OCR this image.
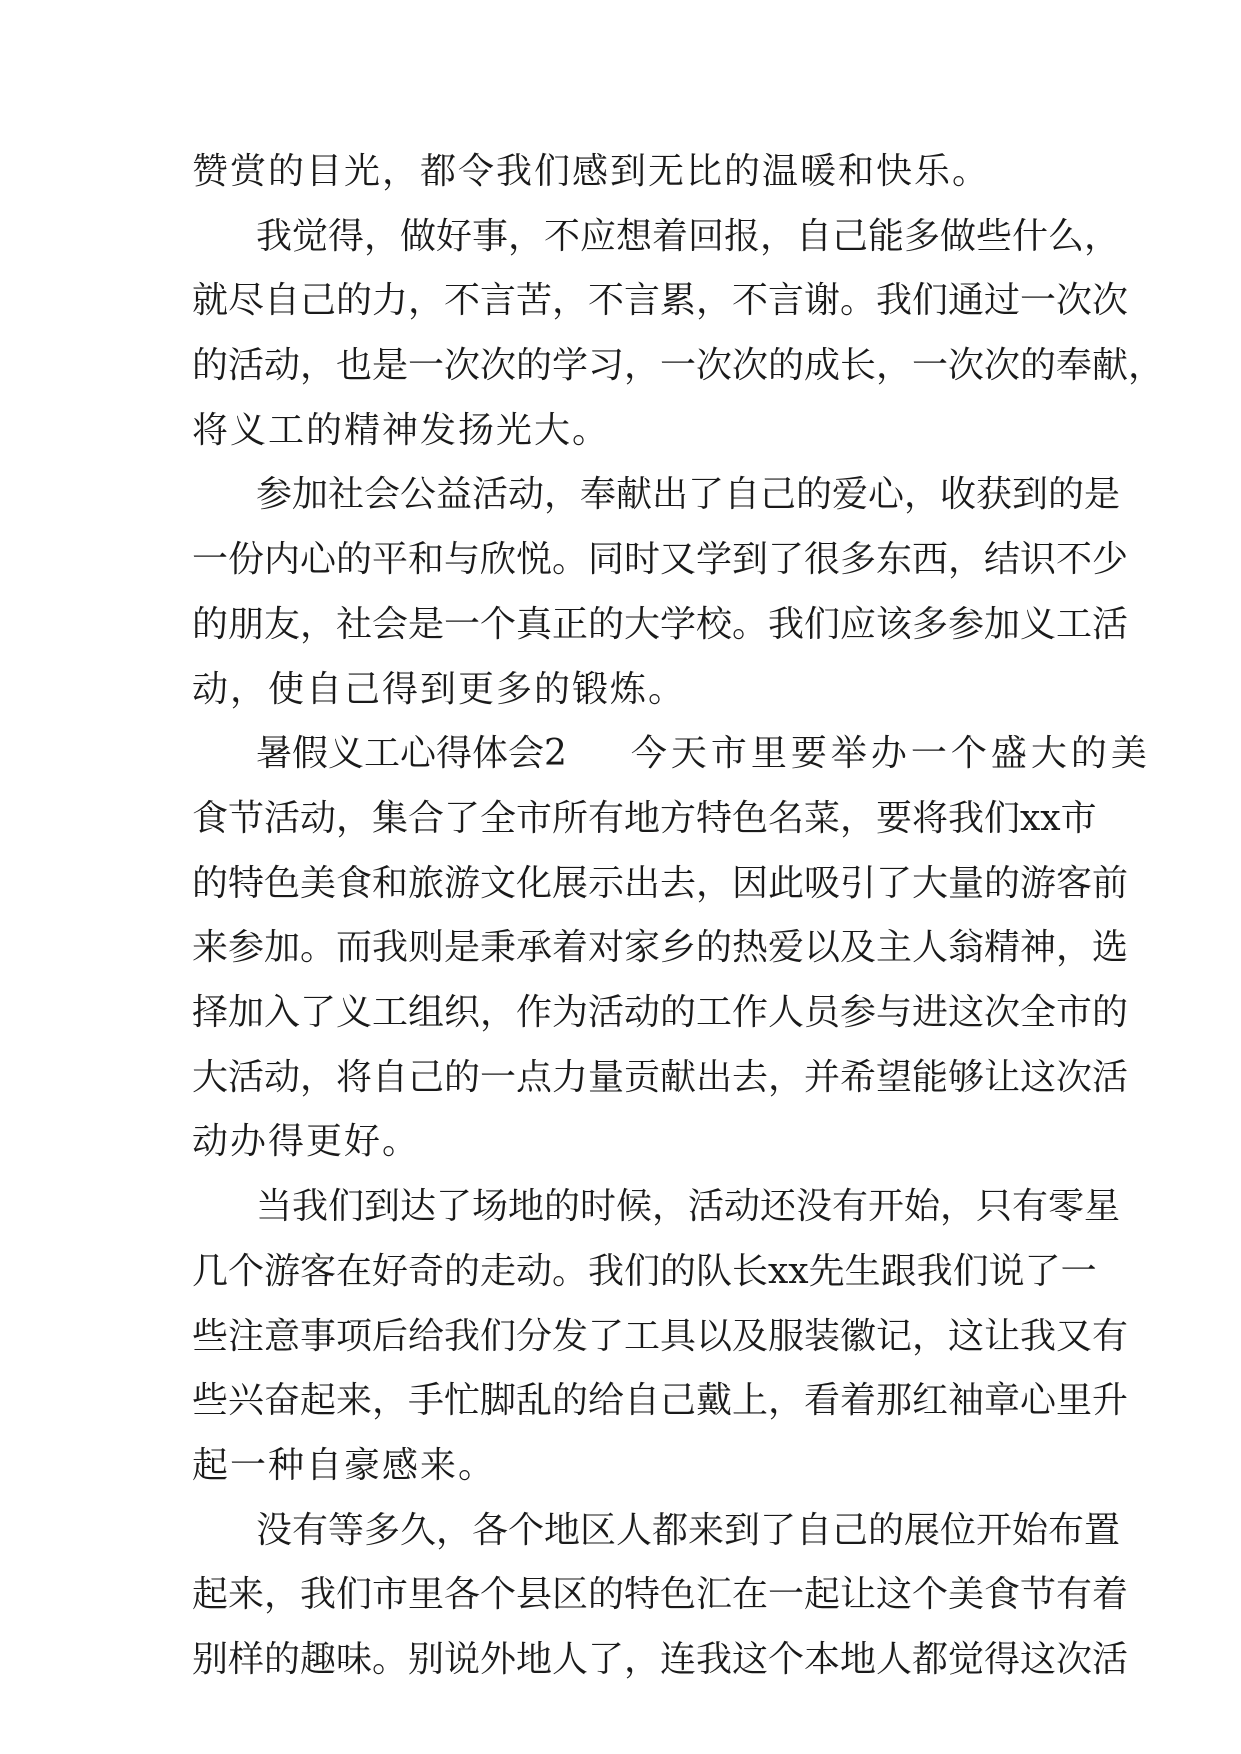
赞赏的目光，都令我们感到无比的温暖和快乐。
我觉得，做好事，不应想着回报，自己能多做些什么，
就尽自己的力，不言苦，不言累，不言谢。我们通过一次次
的活动，也是一次次的学习，一次次的成长，一次次的奉献，
将义工的精神发扬光大。
参加社会公益活动，奉献出了自己的爱心，收获到的是
一份内心的平和与欣悦。同时又学到了很多东西，结识不少
的朋友，社会是一个真正的大学校。我们应该多参加义工活
动，使自己得到更多的锻炼。
暑假义工心得体会2 今天市里要举办一个盛大的美
食节活动，集合了全市所有地方特色名菜，要将我们xx市
的特色美食和旅游文化展示出去，因此吸引了大量的游客前
来参加。而我则是秉承着对家乡的热爱以及主人翁精神，选
择加入了义工组织，作为活动的工作人员参与进这次全市的
大活动，将自己的一点力量贡献出去，并希望能够让这次活
动办得更好。
当我们到达了场地的时候，活动还没有开始，只有零星
几个游客在好奇的走动。我们的队长xx先生跟我们说了一
些注意事项后给我们分发了工具以及服装徽记，这让我又有
些兴奋起来，手忙脚乱的给自己戴上，看着那红袖章心里升
起一种自豪感来。
没有等多久，各个地区人都来到了自己的展位开始布置
起来，我们市里各个县区的特色汇在一起让这个美食节有着
别样的趣味。别说外地人了，连我这个本地人都觉得这次活
